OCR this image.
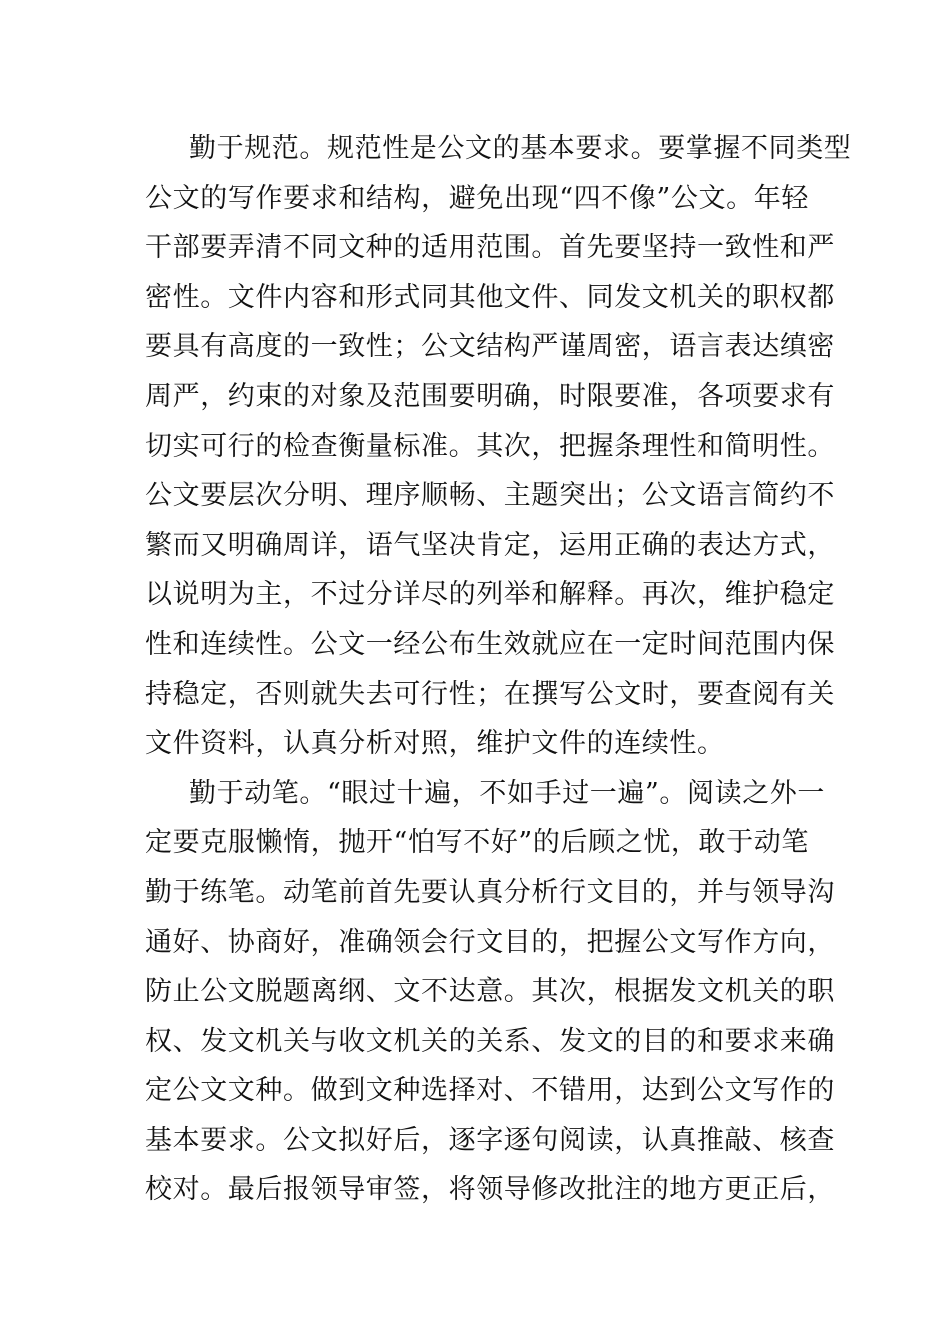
勤于规范。规范性是公文的基本要求。要掌握不同类型
公文的写作要求和结构，避免出现“四不像”公文。年轻
干部要弄清不同文种的适用范围。首先要坚持一致性和严
密性。文件内容和形式同其他文件、同发文机关的职权都
要具有高度的一致性；公文结构严谨周密，语言表达缜密
周严，约束的对象及范围要明确，时限要准，各项要求有
切实可行的检查衡量标准。其次，把握条理性和简明性。
公文要层次分明、理序顺畅、主题突出；公文语言简约不
繁而又明确周详，语气坚决肯定，运用正确的表达方式，
以说明为主，不过分详尽的列举和解释。再次，维护稳定
性和连续性。公文一经公布生效就应在一定时间范围内保
持稳定，否则就失去可行性；在撰写公文时，要查阅有关
文件资料，认真分析对照，维护文件的连续性。
勤于动笔。“眼过十遍，不如手过一遍”。阅读之外一
定要克服懒惰，抛开“怕写不好”的后顾之忧，敢于动笔
勤于练笔。动笔前首先要认真分析行文目的，并与领导沟
通好、协商好，准确领会行文目的，把握公文写作方向，
防止公文脱题离纲、文不达意。其次，根据发文机关的职
权、发文机关与收文机关的关系、发文的目的和要求来确
定公文文种。做到文种选择对、不错用，达到公文写作的
基本要求。公文拟好后，逐字逐句阅读，认真推敲、核查
校对。最后报领导审签，将领导修改批注的地方更正后，
